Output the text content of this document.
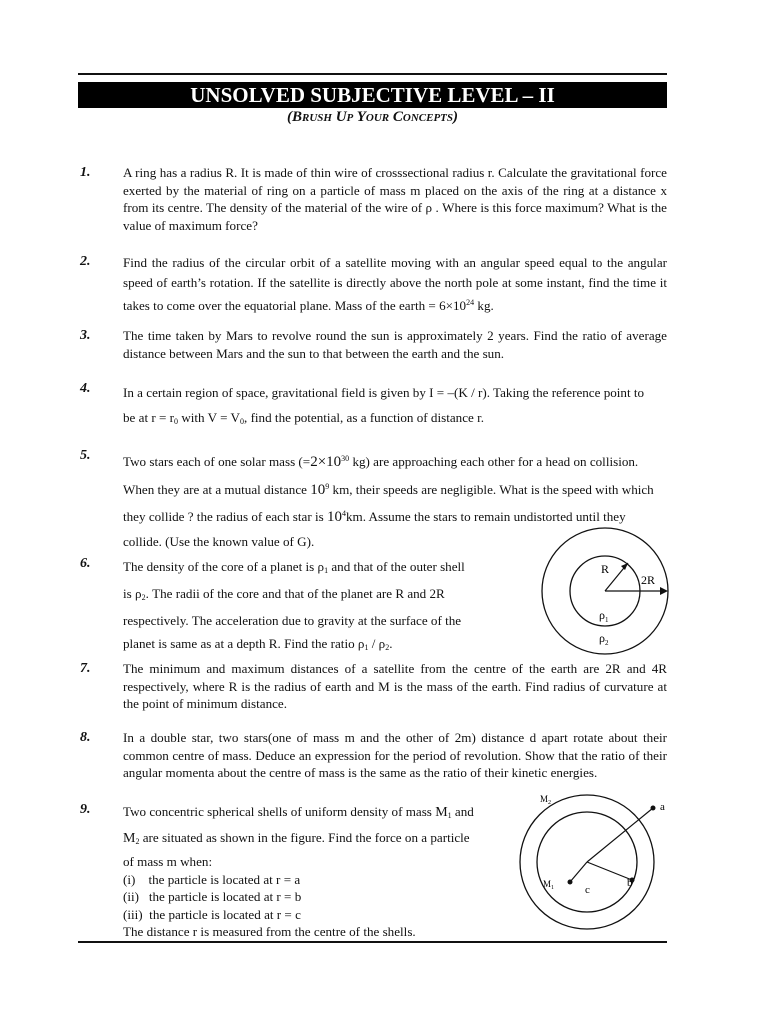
UNSOLVED SUBJECTIVE LEVEL – II
(Brush Up Your Concepts)
1. A ring has a radius R. It is made of thin wire of crosssectional radius r. Calculate the gravitational force exerted by the material of ring on a particle of mass m placed on the axis of the ring at a distance x from its centre. The density of the material of the wire of ρ . Where is this force maximum? What is the value of maximum force?
2. Find the radius of the circular orbit of a satellite moving with an angular speed equal to the angular speed of earth’s rotation. If the satellite is directly above the north pole at some instant, find the time it takes to come over the equatorial plane. Mass of the earth = $6\times 10^{24}$ kg.
3. The time taken by Mars to revolve round the sun is approximately 2 years. Find the ratio of average distance between Mars and the sun to that between the earth and the sun.
4. In a certain region of space, gravitational field is given by I = –(K / r). Taking the reference point to
be at $r = r_0$ with $V = V_0$, find the potential, as a function of distance r.
5. Two stars each of one solar mass ($=2\times 10^{30}$ kg) are approaching each other for a head on collision.
When they are at a mutual distance $10^9$ km, their speeds are negligible. What is the speed with which
they collide ? the radius of each star is $10^4km$. Assume the stars to remain undistorted until they
collide. (Use the known value of G).
6. The density of the core of a planet is $\rho_1$ and that of the outer shell
is $\rho_2$. The radii of the core and that of the planet are R and 2R
respectively. The acceleration due to gravity at the surface of the
planet is same as at a depth R. Find the ratio $\rho_1 / \rho_2$.
R
2R
$\rho_1$
$\rho_2$
7. The minimum and maximum distances of a satellite from the centre of the earth are 2R and 4R respectively, where R is the radius of earth and M is the mass of the earth. Find radius of curvature at the point of minimum distance.
8. In a double star, two stars(one of mass m and the other of 2m) distance d apart rotate about their common centre of mass. Deduce an expression for the period of revolution. Show that the ratio of their angular momenta about the centre of mass is the same as the ratio of their kinetic energies.
9. Two concentric spherical shells of uniform density of mass $M_1$ and
$M_2$ are situated as shown in the figure. Find the force on a particle
of mass m when:
(i)    the particle is located at r = a
(ii)   the particle is located at r = b
(iii)  the particle is located at r = c
The distance r is measured from the centre of the shells.
a
b
c
$M_2$
$M_1$
